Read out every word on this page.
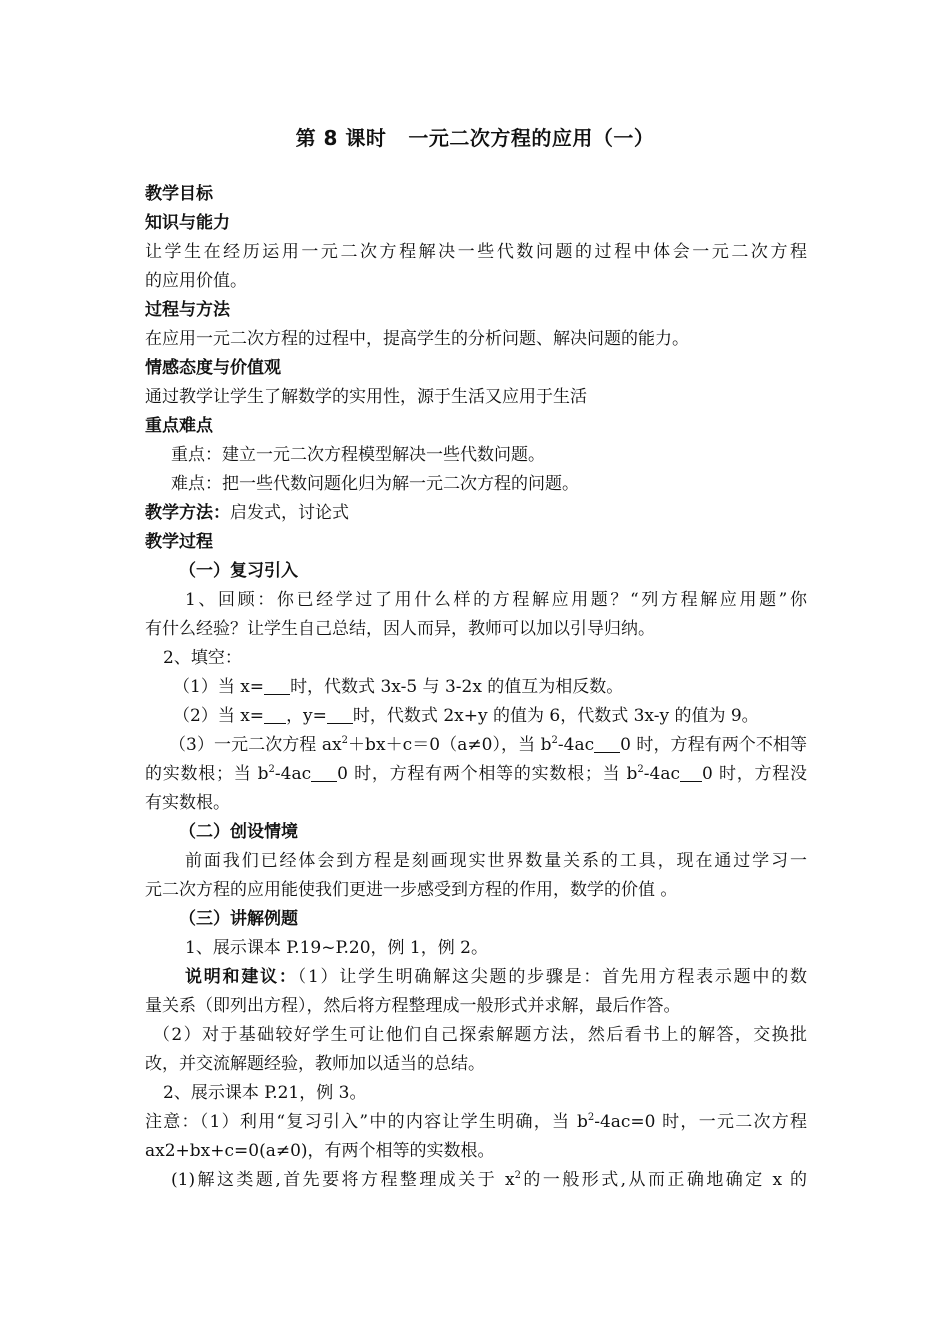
第 8 课时 一元二次方程的应用（一）
教学目标
知识与能力
让学生在经历运用一元二次方程解决一些代数问题的过程中体会一元二次方程
的应用价值。
过程与方法
在应用一元二次方程的过程中，提高学生的分析问题、解决问题的能力。
情感态度与价值观
通过教学让学生了解数学的实用性，源于生活又应用于生活
重点难点
重点：建立一元二次方程模型解决一些代数问题。
难点：把一些代数问题化归为解一元二次方程的问题。
教学方法：启发式，讨论式
教学过程
（一）复习引入
1、回顾：你已经学过了用什么样的方程解应用题？“列方程解应用题”你
有什么经验？让学生自己总结，因人而异，教师可以加以引导归纳。
2、填空：
（1）当 x= 时，代数式 3x-5 与 3-2x 的值互为相反数。
（2）当 x= ，y= 时，代数式 2x+y 的值为 6，代数式 3x-y 的值为 9。
（3）一元二次方程 $ax^2+bx+c=0(a\ne 0)$，当 $b^2-4ac$ 0 时，方程有两个不相等
的实数根；当 $b^2-4ac$ 0 时，方程有两个相等的实数根；当 $b^2-4ac$ 0 时，方程没
有实数根。
（二）创设情境
前面我们已经体会到方程是刻画现实世界数量关系的工具，现在通过学习一
元二次方程的应用能使我们更进一步感受到方程的作用，数学的价值 。
（三）讲解例题
1、展示课本 P.19~P.20，例 1，例 2。
说明和建议：（1）让学生明确解这尖题的步骤是：首先用方程表示题中的数
量关系（即列出方程），然后将方程整理成一般形式并求解，最后作答。
（2）对于基础较好学生可让他们自己探索解题方法，然后看书上的解答，交换批
改，并交流解题经验，教师加以适当的总结。
2、展示课本 P.21，例 3。
注意：（1）利用“复习引入”中的内容让学生明确，当 $b^2-4ac=0$ 时，一元二次方程
ax2+bx+c=0(a≠0)，有两个相等的实数根。
(1)解这类题,首先要将方程整理成关于 $x^2$的一般形式,从而正确地确定 x 的
